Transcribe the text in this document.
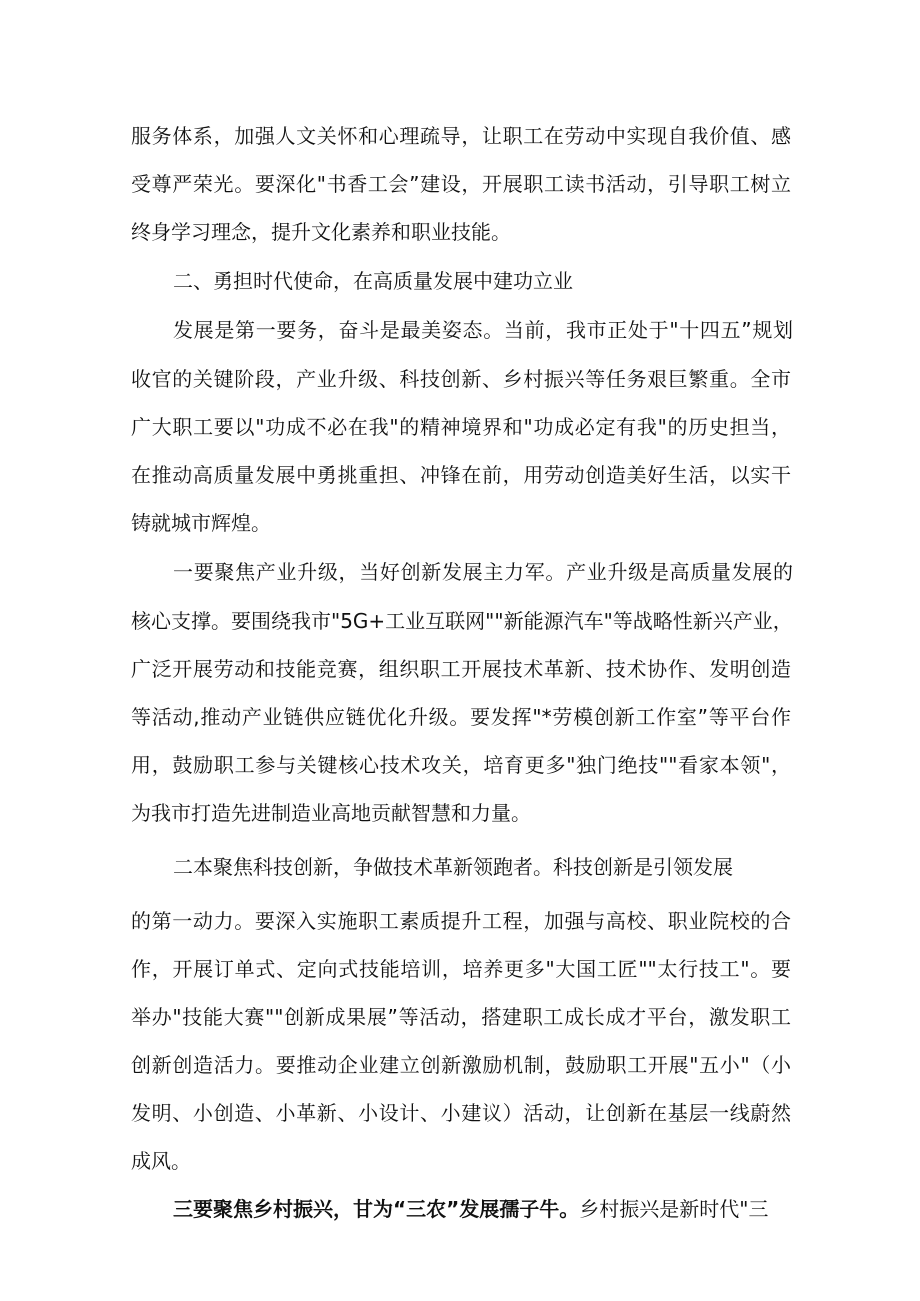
服务体系，加强人文关怀和心理疏导，让职工在劳动中实现自我价值、感
受尊严荣光。要深化"书香工会”建设，开展职工读书活动，引导职工树立
终身学习理念，提升文化素养和职业技能。
二、勇担时代使命，在高质量发展中建功立业
发展是第一要务，奋斗是最美姿态。当前，我市正处于"十四五”规划
收官的关键阶段，产业升级、科技创新、乡村振兴等任务艰巨繁重。全市
广大职工要以"功成不必在我"的精神境界和"功成必定有我"的历史担当，
在推动高质量发展中勇挑重担、冲锋在前，用劳动创造美好生活，以实干
铸就城市辉煌。
一要聚焦产业升级，当好创新发展主力军。产业升级是高质量发展的
核心支撑。要围绕我市"5G+工业互联网""新能源汽车"等战略性新兴产业，
广泛开展劳动和技能竞赛，组织职工开展技术革新、技术协作、发明创造
等活动,推动产业链供应链优化升级。要发挥"*劳模创新工作室”等平台作
用，鼓励职工参与关键核心技术攻关，培育更多"独门绝技""看家本领"，
为我市打造先进制造业高地贡献智慧和力量。
二本聚焦科技创新，争做技术革新领跑者。科技创新是引领发展
的第一动力。要深入实施职工素质提升工程，加强与高校、职业院校的合
作，开展订单式、定向式技能培训，培养更多"大国工匠""太行技工"。要
举办"技能大赛""创新成果展”等活动，搭建职工成长成才平台，激发职工
创新创造活力。要推动企业建立创新激励机制，鼓励职工开展"五小"（小
发明、小创造、小革新、小设计、小建议）活动，让创新在基层一线蔚然
成风。
三要聚焦乡村振兴，甘为“三农”发展孺子牛。乡村振兴是新时代"三
